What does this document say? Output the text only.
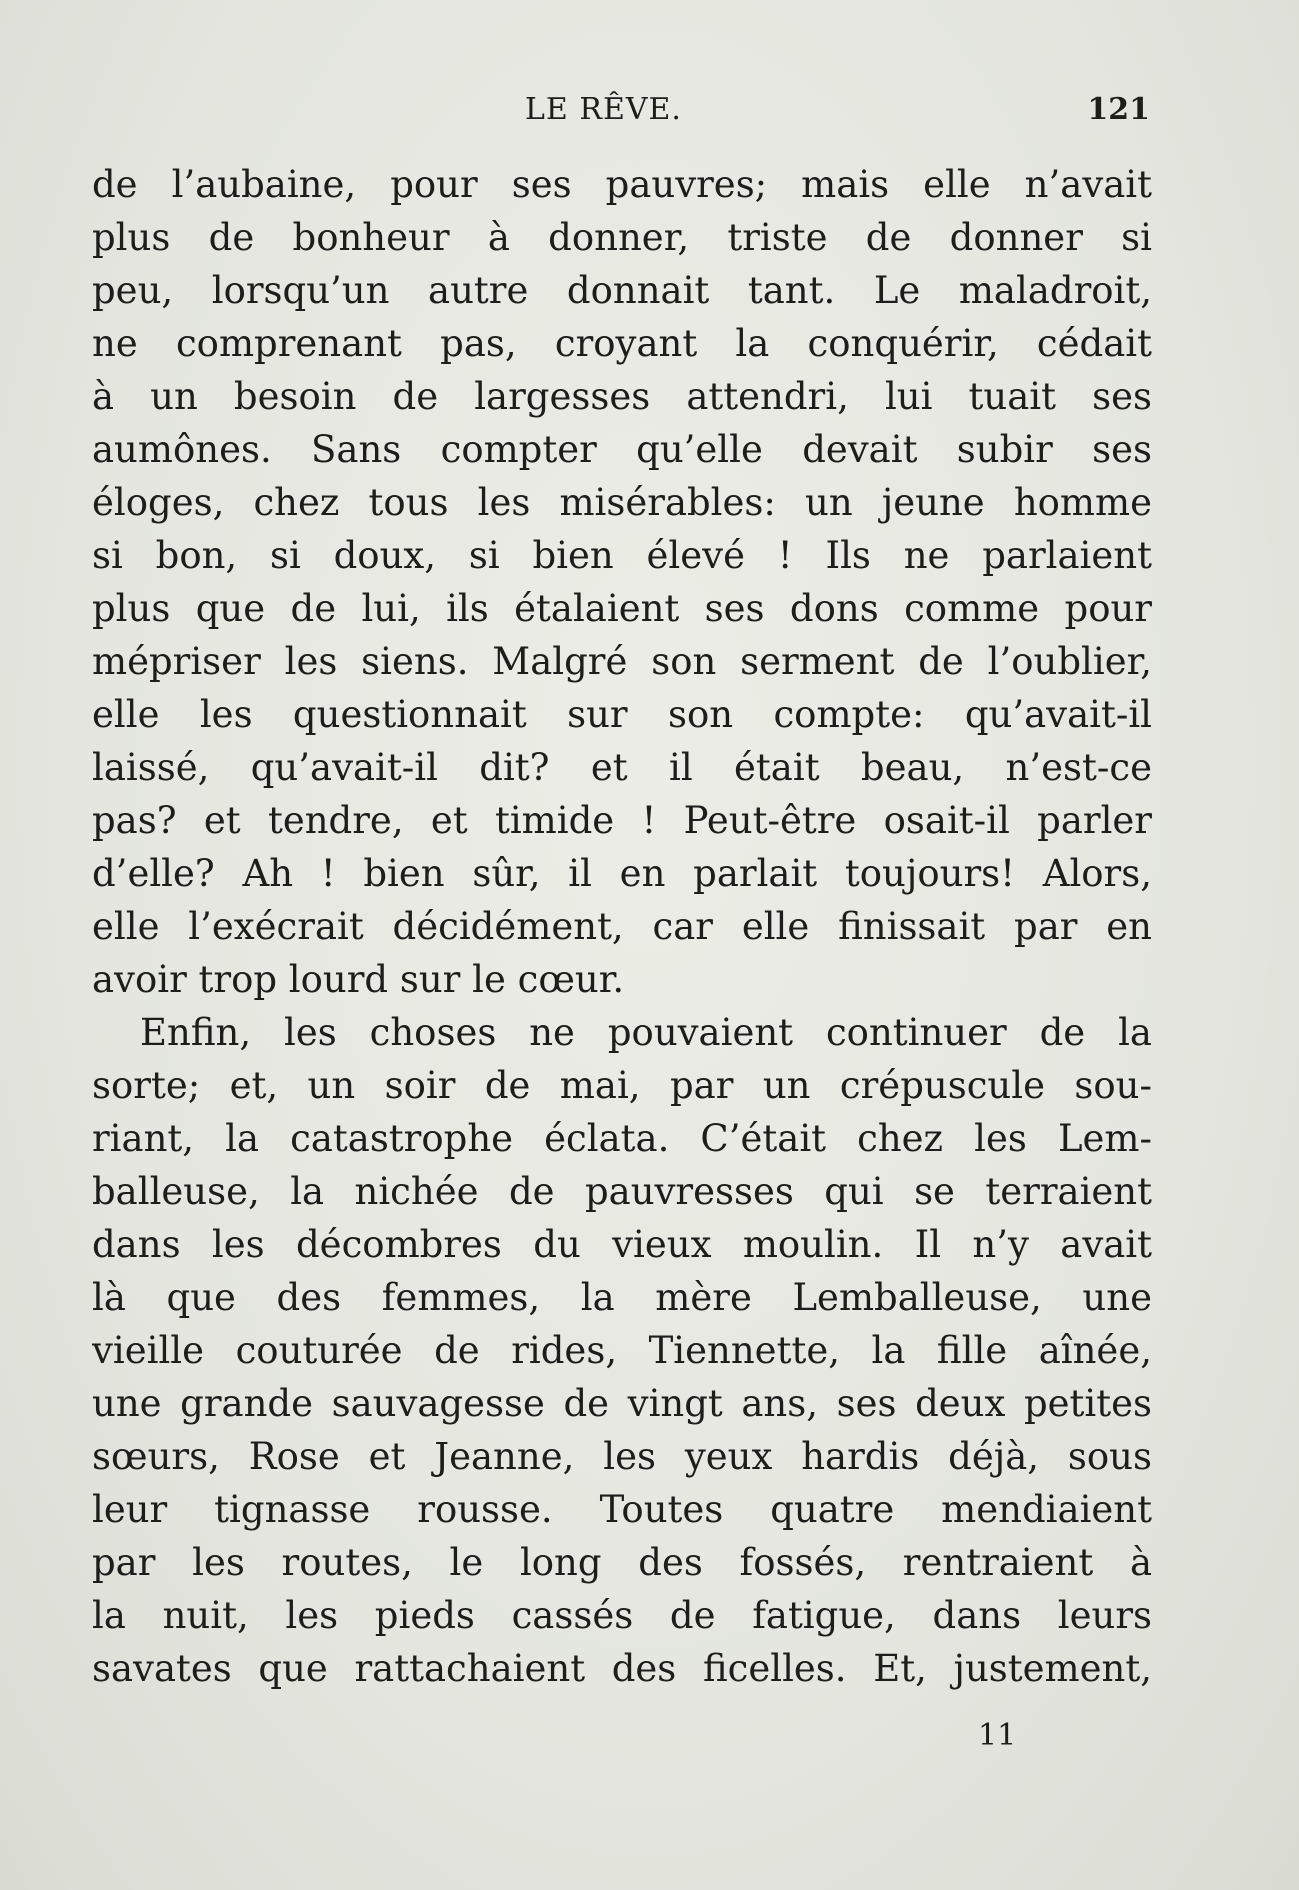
LE RÊVE.	121
de l’aubaine, pour ses pauvres; mais elle n’avait
plus de bonheur à donner, triste de donner si
peu, lorsqu’un autre donnait tant. Le maladroit,
ne comprenant pas, croyant la conquérir, cédait
à un besoin de largesses attendri, lui tuait ses
aumônes. Sans compter qu’elle devait subir ses
éloges, chez tous les misérables: un jeune homme
si bon, si doux, si bien élevé ! Ils ne parlaient
plus que de lui, ils étalaient ses dons comme pour
mépriser les siens. Malgré son serment de l’oublier,
elle les questionnait sur son compte: qu’avait-il
laissé, qu’avait-il dit? et il était beau, n’est-ce
pas? et tendre, et timide ! Peut-être osait-il parler
d’elle? Ah ! bien sûr, il en parlait toujours! Alors,
elle l’exécrait décidément, car elle finissait par en
avoir trop lourd sur le cœur.
Enfin, les choses ne pouvaient continuer de la
sorte; et, un soir de mai, par un crépuscule sou-
riant, la catastrophe éclata. C’était chez les Lem-
balleuse, la nichée de pauvresses qui se terraient
dans les décombres du vieux moulin. Il n’y avait
là que des femmes, la mère Lemballeuse, une
vieille couturée de rides, Tiennette, la fille aînée,
une grande sauvagesse de vingt ans, ses deux petites
sœurs, Rose et Jeanne, les yeux hardis déjà, sous
leur tignasse rousse. Toutes quatre mendiaient
par les routes, le long des fossés, rentraient à
la nuit, les pieds cassés de fatigue, dans leurs
savates que rattachaient des ficelles. Et, justement,
11
